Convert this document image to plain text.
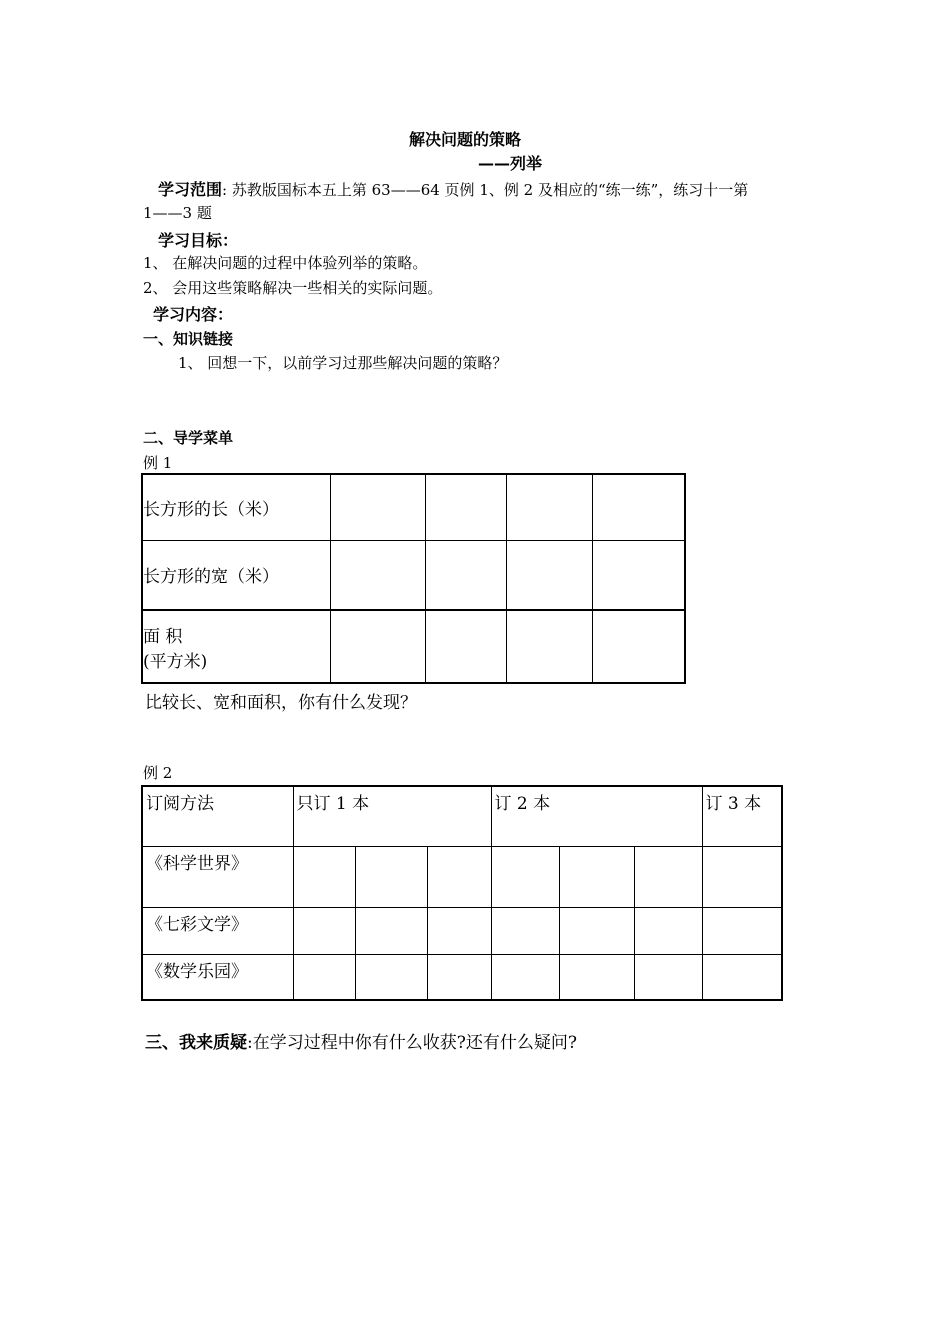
解决问题的策略
——列举
学习范围: 苏教版国标本五上第 63——64 页例 1、例 2 及相应的“练一练”，练习十一第
1——3 题
学习目标：
1、 在解决问题的过程中体验列举的策略。
2、 会用这些策略解决一些相关的实际问题。
学习内容：
一、知识链接
1、 回想一下，以前学习过那些解决问题的策略？
二、导学菜单
例 1
长方形的长（米）				
长方形的宽（米）				

面 积
(平方米)				

比较长、宽和面积，你有什么发现？
例 2
订阅方法	只订 1 本			订 2 本			订 3 本
《科学世界》							
《七彩文学》							
《数学乐园》							
三、我来质疑:在学习过程中你有什么收获?还有什么疑问?
